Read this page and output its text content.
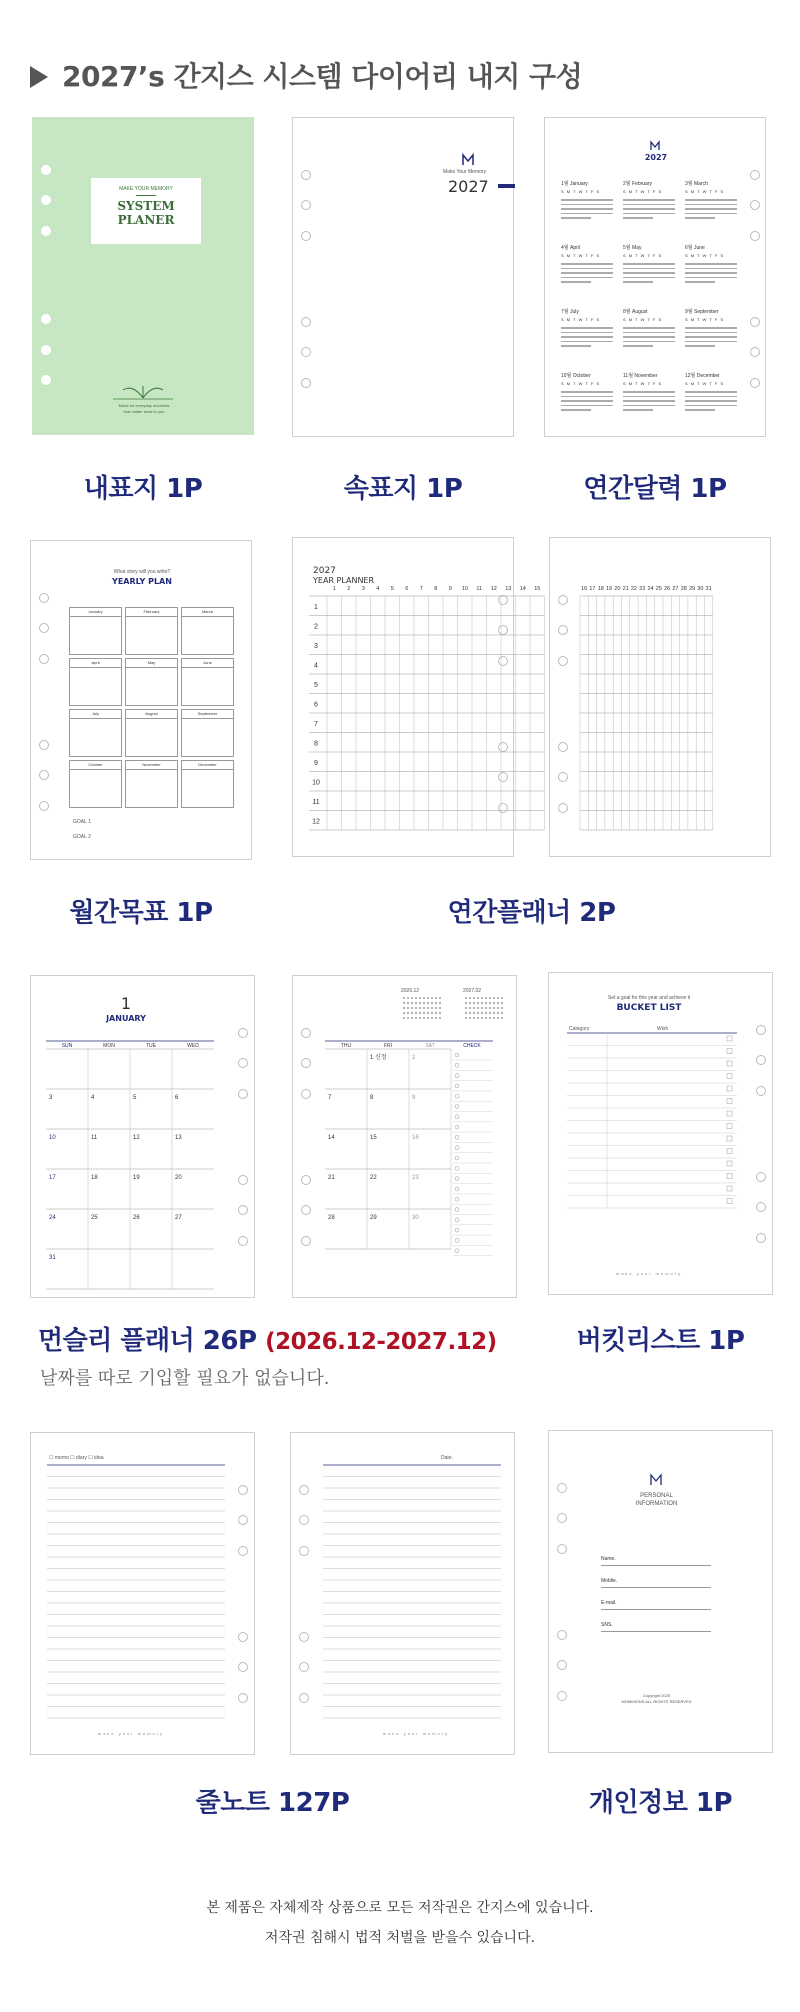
2027’s 간지스 시스템 다이어리 내지 구성
MAKE YOUR MEMORY
SYSTEM
PLANER
Made for everyday moments
that matter most to you
내표지 1P
Make Your Memory
2027
속표지 1P
2027
1월 January
S M T W T F S
2월 February
S M T W T F S
3월 March
S M T W T F S
4월 April
S M T W T F S
5월 May
S M T W T F S
6월 June
S M T W T F S
7월 July
S M T W T F S
8월 August
S M T W T F S
9월 September
S M T W T F S
10월 October
S M T W T F S
11월 November
S M T W T F S
12월 December
S M T W T F S
연간달력 1P
What story will you write?
YEARLY PLAN
January	February	March
April	May	June
July	August	September
October	November	December
GOAL 1
GOAL 2
월간목표 1P
2027
YEAR PLANNER
1 2 3 4 5 6 7 8 9 10 11 12 13 14 15
1
2
3
4
5
6
7
8
9
10
11
12
16 17 18 19 20 21 22 23 24 25 26 27 28 29 30 31
연간플래너 2P
1
JANUARY
SUN	MON	TUE	WED
3	4	5	6
10	11	12	13
17	18	19	20
24	25	26	27
31
2026.12	2027.02
THU	FRI	SAT	CHECK
1 신정	2
7	8	9
14	15	16
21	22	23
28	29	30
Set a goal for this year and achieve it
BUCKET LIST
Category	Wish
make your memory
먼슬리 플래너 26P (2026.12-2027.12)
날짜를 따로 기입할 필요가 없습니다.
버킷리스트 1P
☐ memo ☐ diary ☐ idea
make your memory
Date.
make your memory
PERSONAL
INFORMATION
Name.
Mobile.
E-mail.
SNS.
Copyright 2025
MOMMIONS ALL RIGHTS RESERVED
줄노트 127P	개인정보 1P
본 제품은 자체제작 상품으로 모든 저작권은 간지스에 있습니다.
저작권 침해시 법적 처벌을 받을수 있습니다.
